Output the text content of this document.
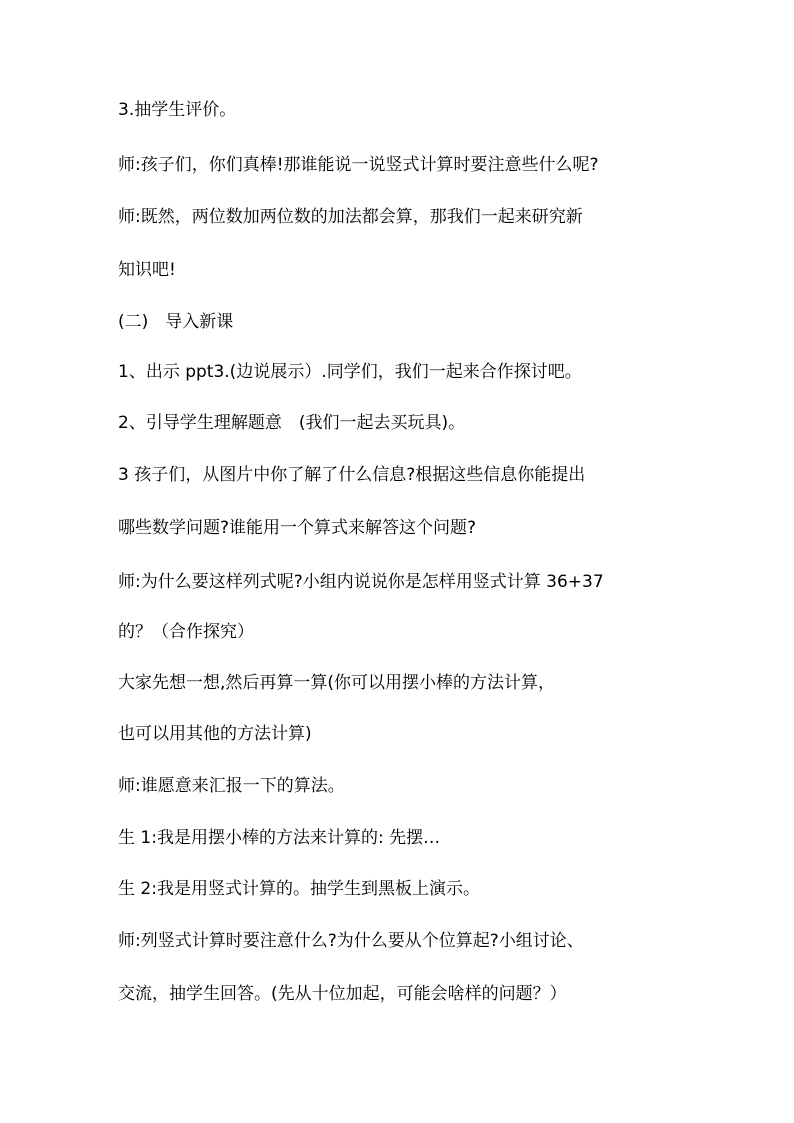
3.抽学生评价。
师:孩子们，你们真棒!那谁能说一说竖式计算时要注意些什么呢?
师:既然，两位数加两位数的加法都会算，那我们一起来研究新
知识吧!
(二)　导入新课
1、出示 ppt3.(边说展示）.同学们，我们一起来合作探讨吧。
2、引导学生理解题意　(我们一起去买玩具)。
3 孩子们，从图片中你了解了什么信息?根据这些信息你能提出
哪些数学问题?谁能用一个算式来解答这个问题?
师:为什么要这样列式呢?小组内说说你是怎样用竖式计算 36+37
的？（合作探究）
大家先想一想,然后再算一算(你可以用摆小棒的方法计算，
也可以用其他的方法计算)
师:谁愿意来汇报一下的算法。
生 1:我是用摆小棒的方法来计算的: 先摆…
生 2:我是用竖式计算的。抽学生到黑板上演示。
师:列竖式计算时要注意什么?为什么要从个位算起?小组讨论、
交流，抽学生回答。(先从十位加起，可能会啥样的问题？）
